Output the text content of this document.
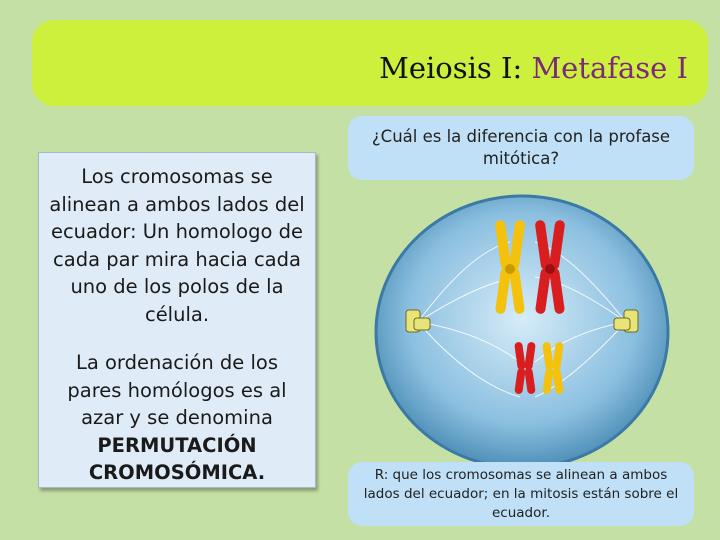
Meiosis I: Metafase I

Los cromosomas se alinean a ambos lados del ecuador: Un homologo de cada par mira hacia cada uno de los polos de la célula.

La ordenación de los pares homólogos es al azar y se denomina PERMUTACIÓN CROMOSÓMICA.

¿Cuál es la diferencia con la profase mitótica?
R: que los cromosomas se alinean a ambos lados del ecuador; en la mitosis están sobre el ecuador.
